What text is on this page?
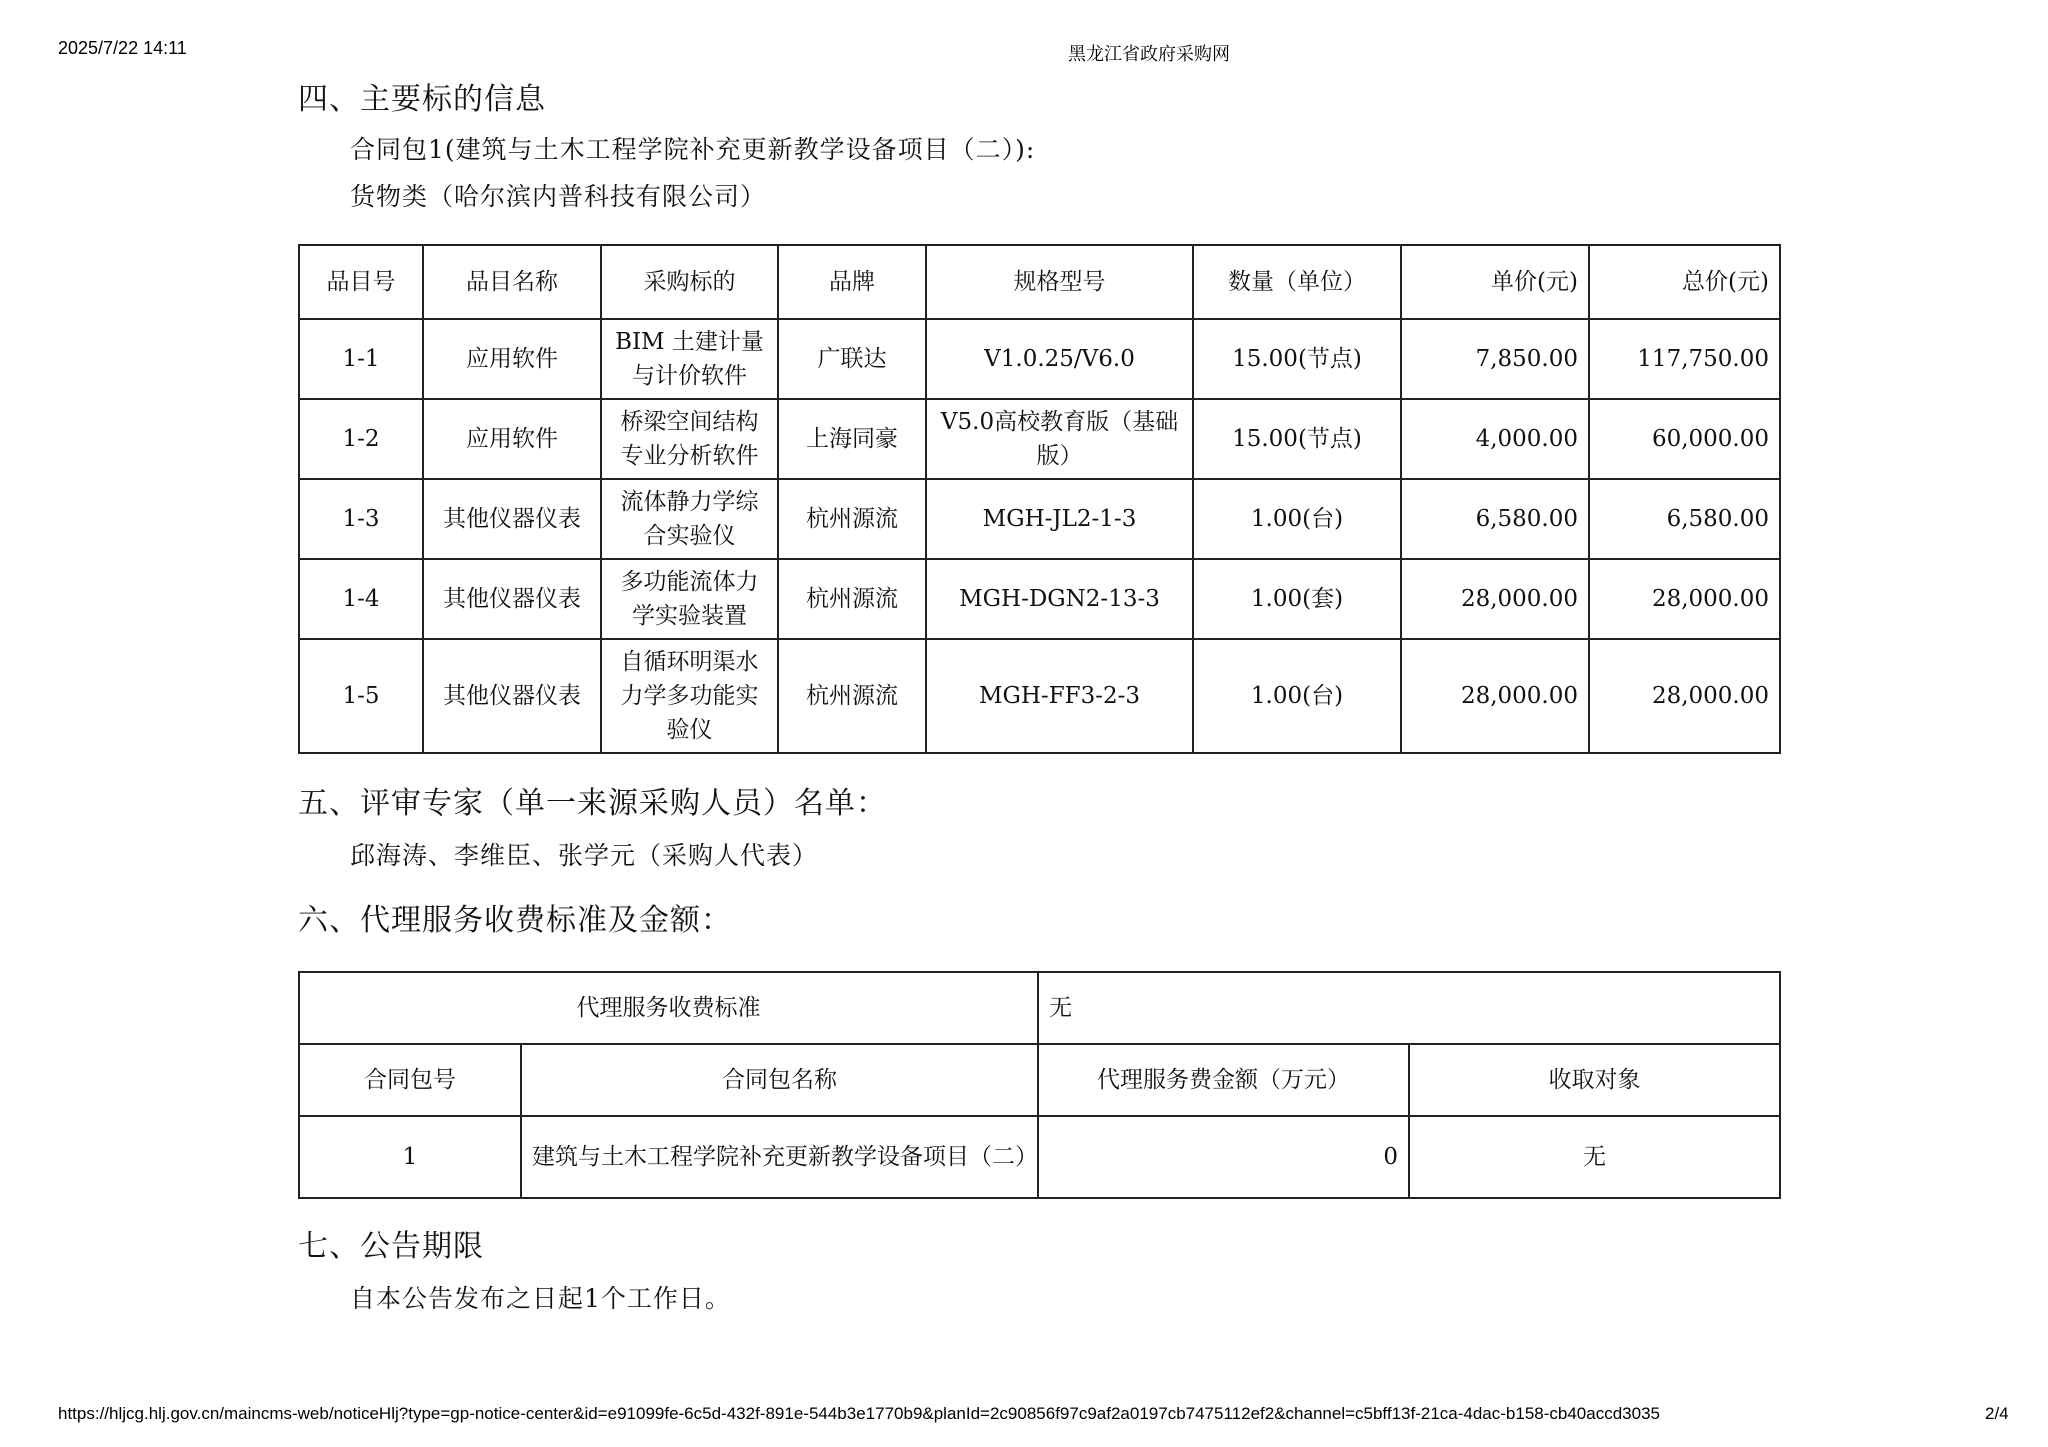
2025/7/22 14:11	黑龙江省政府采购网
四、主要标的信息

合同包1(建筑与土木工程学院补充更新教学设备项目（二）):

货物类（哈尔滨内普科技有限公司）

品目号	品目名称	采购标的	品牌	规格型号	数量（单位）	单价(元)	总价(元)
1-1	应用软件	BIM 土建计量与计价软件	广联达	V1.0.25/V6.0	15.00(节点)	7,850.00	117,750.00
1-2	应用软件	桥梁空间结构专业分析软件	上海同豪	V5.0高校教育版（基础版）	15.00(节点)	4,000.00	60,000.00
1-3	其他仪器仪表	流体静力学综合实验仪	杭州源流	MGH-JL2-1-3	1.00(台)	6,580.00	6,580.00
1-4	其他仪器仪表	多功能流体力学实验装置	杭州源流	MGH-DGN2-13-3	1.00(套)	28,000.00	28,000.00
1-5	其他仪器仪表	自循环明渠水力学多功能实验仪	杭州源流	MGH-FF3-2-3	1.00(台)	28,000.00	28,000.00
五、评审专家（单一来源采购人员）名单：

邱海涛、李维臣、张学元（采购人代表）

六、代理服务收费标准及金额：
代理服务收费标准		无	
合同包号	合同包名称	代理服务费金额（万元）	收取对象
1	建筑与土木工程学院补充更新教学设备项目（二）	0	无
七、公告期限

自本公告发布之日起1个工作日。

https://hljcg.hlj.gov.cn/maincms-web/noticeHlj?type=gp-notice-center&id=e91099fe-6c5d-432f-891e-544b3e1770b9&planId=2c90856f97c9af2a0197cb7475112ef2&channel=c5bff13f-21ca-4dac-b158-cb40accd3035	2/4
